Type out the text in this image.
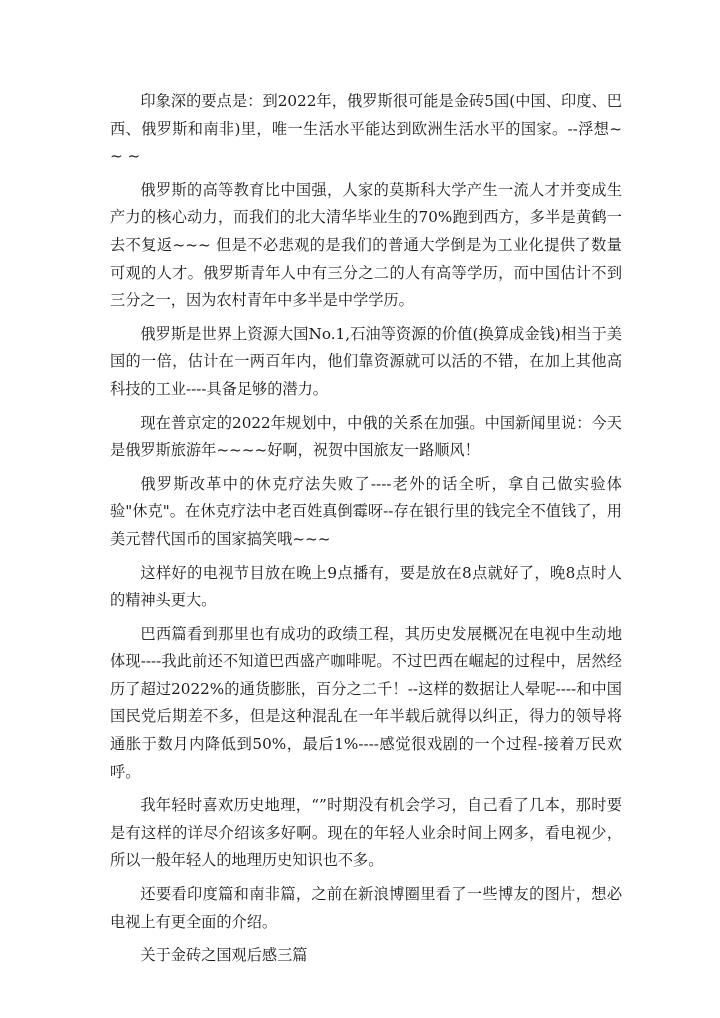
印象深的要点是：到2022年，俄罗斯很可能是金砖5国(中国、印度、巴西、俄罗斯和南非)里，唯一生活水平能达到欧洲生活水平的国家。--浮想~ ~ ~

俄罗斯的高等教育比中国强，人家的莫斯科大学产生一流人才并变成生产力的核心动力，而我们的北大清华毕业生的70%跑到西方，多半是黄鹤一去不复返~~~ 但是不必悲观的是我们的普通大学倒是为工业化提供了数量可观的人才。俄罗斯青年人中有三分之二的人有高等学历，而中国估计不到三分之一，因为农村青年中多半是中学学历。

俄罗斯是世界上资源大国No.1,石油等资源的价值(换算成金钱)相当于美国的一倍，估计在一两百年内，他们靠资源就可以活的不错，在加上其他高科技的工业----具备足够的潜力。

现在普京定的2022年规划中，中俄的关系在加强。中国新闻里说：今天是俄罗斯旅游年~~~~好啊，祝贺中国旅友一路顺风！

俄罗斯改革中的休克疗法失败了----老外的话全听，拿自己做实验体验"休克"。在休克疗法中老百姓真倒霉呀--存在银行里的钱完全不值钱了，用美元替代国币的国家搞笑哦~~~

这样好的电视节目放在晚上9点播有，要是放在8点就好了，晚8点时人的精神头更大。

巴西篇看到那里也有成功的政绩工程，其历史发展概况在电视中生动地体现----我此前还不知道巴西盛产咖啡呢。不过巴西在崛起的过程中，居然经历了超过2022%的通货膨胀，百分之二千！--这样的数据让人晕呢----和中国国民党后期差不多，但是这种混乱在一年半载后就得以纠正，得力的领导将通胀于数月内降低到50%，最后1%----感觉很戏剧的一个过程-接着万民欢呼。

我年轻时喜欢历史地理，“”时期没有机会学习，自己看了几本，那时要是有这样的详尽介绍该多好啊。现在的年轻人业余时间上网多，看电视少，所以一般年轻人的地理历史知识也不多。

还要看印度篇和南非篇，之前在新浪博圈里看了一些博友的图片，想必电视上有更全面的介绍。

关于金砖之国观后感三篇
